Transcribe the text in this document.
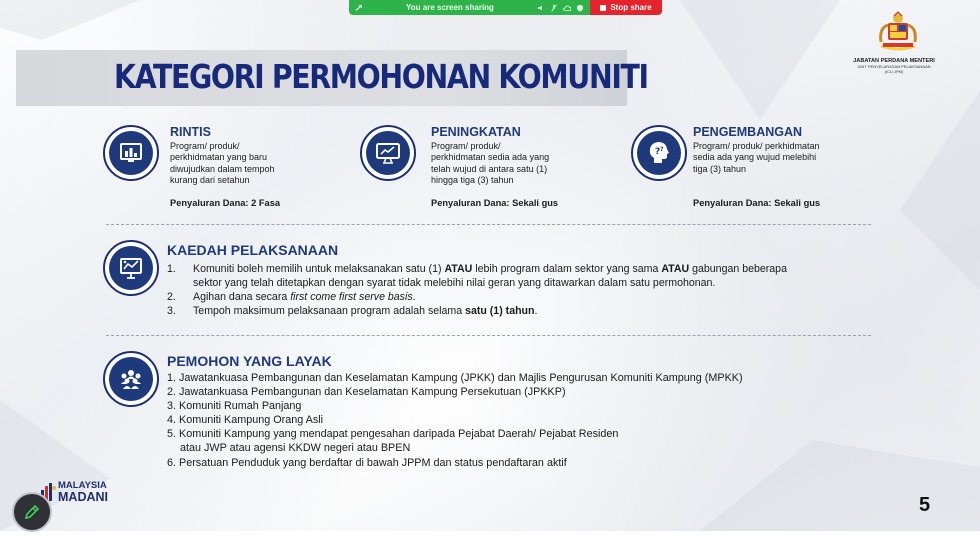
You are screen sharing	Stop share
KATEGORI PERMOHONAN KOMUNITI	JABATAN PERDANA MENTERI
UNIT PENYELARASAN PELAKSANAAN
(ICU JPM)
RINTIS
Program/ produk/
perkhidmatan yang baru
diwujudkan dalam tempoh
kurang dari setahun
Penyaluran Dana: 2 Fasa
PENINGKATAN
Program/ produk/
perkhidmatan sedia ada yang
telah wujud di antara satu (1)
hingga tiga (3) tahun
Penyaluran Dana: Sekali gus
? ?
PENGEMBANGAN
Program/ produk/ perkhidmatan
sedia ada yang wujud melebihi
tiga (3) tahun
Penyaluran Dana: Sekali gus
KAEDAH PELAKSANAAN
1.	Komuniti boleh memilih untuk melaksanakan satu (1) ATAU lebih program dalam sektor yang sama ATAU gabungan beberapa
sektor yang telah ditetapkan dengan syarat tidak melebihi nilai geran yang ditawarkan dalam satu permohonan.
2.	Agihan dana secara first come first serve basis.
3.	Tempoh maksimum pelaksanaan program adalah selama satu (1) tahun.
PEMOHON YANG LAYAK
1. Jawatankuasa Pembangunan dan Keselamatan Kampung (JPKK) dan Majlis Pengurusan Komuniti Kampung (MPKK)
2. Jawatankuasa Pembangunan dan Keselamatan Kampung Persekutuan (JPKKP)
3. Komuniti Rumah Panjang
4. Komuniti Kampung Orang Asli
5. Komuniti Kampung yang mendapat pengesahan daripada Pejabat Daerah/ Pejabat Residen
atau JWP atau agensi KKDW negeri atau BPEN
6. Persatuan Penduduk yang berdaftar di bawah JPPM dan status pendaftaran aktif
MALAYSIA
MADANI	5
